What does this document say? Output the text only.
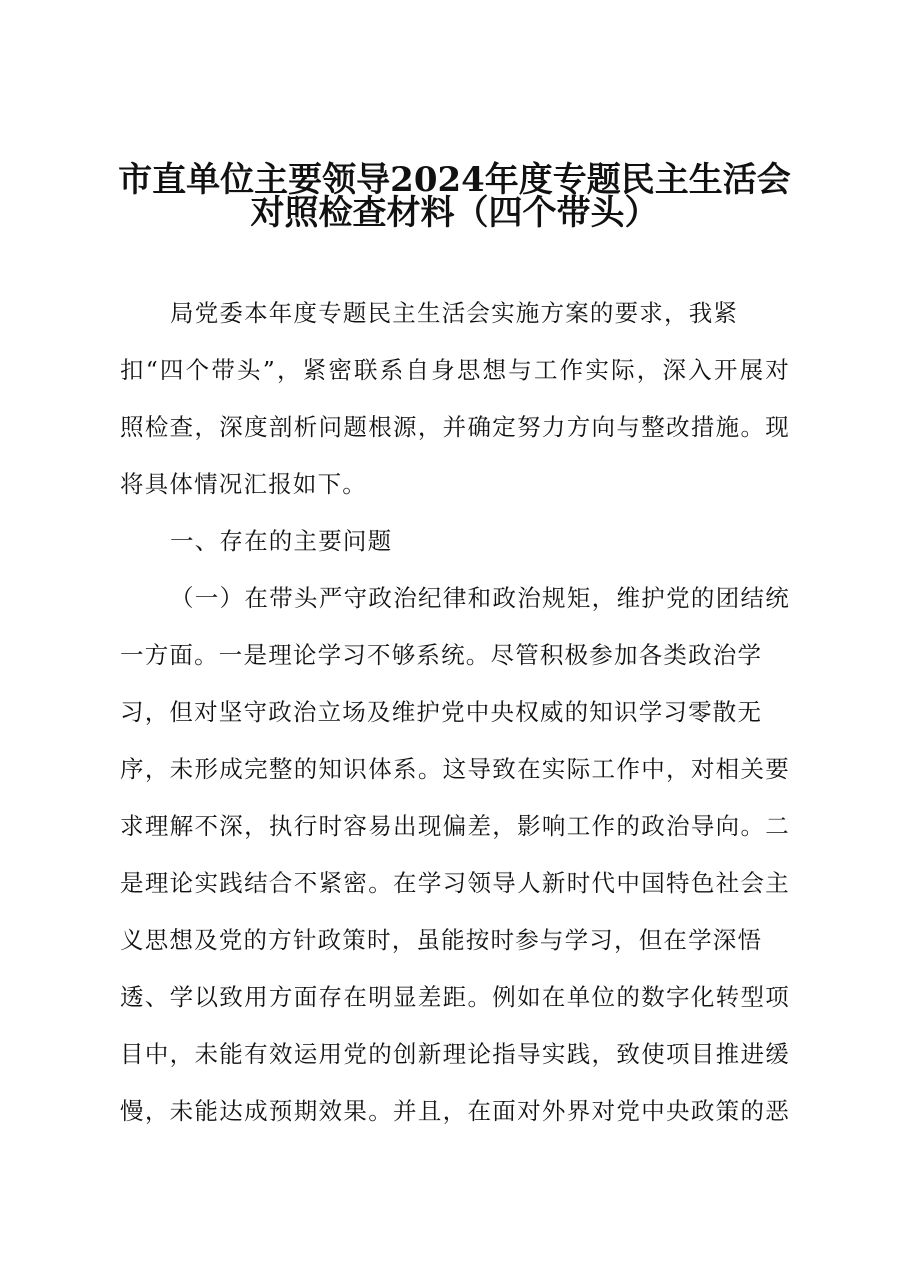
市直单位主要领导2024年度专题民主生活会
对照检查材料（四个带头）
局党委本年度专题民主生活会实施方案的要求，我紧
扣“四个带头”，紧密联系自身思想与工作实际，深入开展对
照检查，深度剖析问题根源，并确定努力方向与整改措施。现
将具体情况汇报如下。
一、存在的主要问题
（一）在带头严守政治纪律和政治规矩，维护党的团结统
一方面。一是理论学习不够系统。尽管积极参加各类政治学
习，但对坚守政治立场及维护党中央权威的知识学习零散无
序，未形成完整的知识体系。这导致在实际工作中，对相关要
求理解不深，执行时容易出现偏差，影响工作的政治导向。二
是理论实践结合不紧密。在学习领导人新时代中国特色社会主
义思想及党的方针政策时，虽能按时参与学习，但在学深悟
透、学以致用方面存在明显差距。例如在单位的数字化转型项
目中，未能有效运用党的创新理论指导实践，致使项目推进缓
慢，未能达成预期效果。并且，在面对外界对党中央政策的恶
